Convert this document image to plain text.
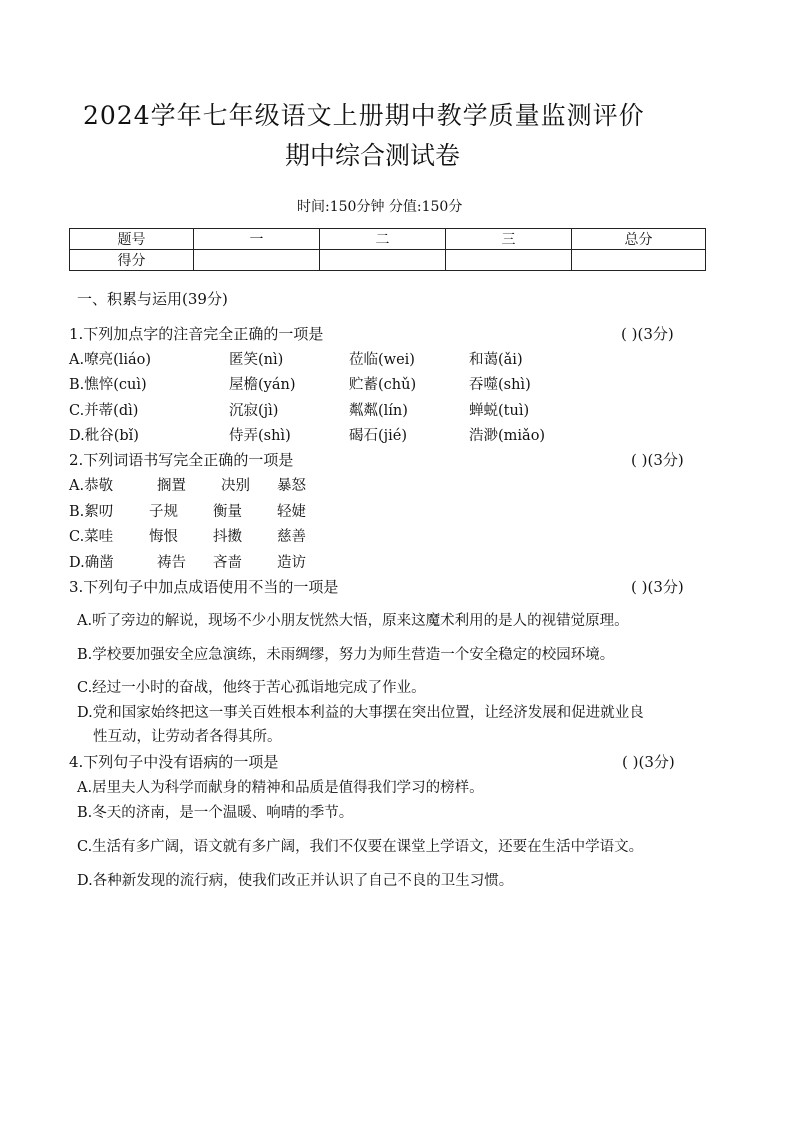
2024学年七年级语文上册期中教学质量监测评价
期中综合测试卷
时间:150分钟 分值:150分
题号	一	二	三	总分
得分				
一、积累与运用(39分)
1.下列加点字的注音完全正确的一项是	( )(3分)
A.嘹亮(liáo)	匿笑(nì)	莅临(wei)	和蔼(ǎi)
B.憔悴(cuì)	屋檐(yán)	贮蓄(chǔ)	吞噬(shì)
C.并蒂(dì)	沉寂(jì)	粼粼(lín)	蝉蜕(tuì)
D.秕谷(bǐ)	侍弄(shì)	碣石(jié)	浩渺(miǎo)
2.下列词语书写完全正确的一项是	( )(3分)
A.恭敬	搁置 决别 暴怒
B.絮叨 子规 衡量 轻婕
C.菜哇 悔恨 抖擞 慈善
D.确凿	祷告 吝啬 造访
3.下列句子中加点成语使用不当的一项是	( )(3分)
A.听了旁边的解说，现场不少小朋友恍然大悟，原来这魔术利用的是人的视错觉原理。
B.学校要加强安全应急演练，未雨绸缪，努力为师生营造一个安全稳定的校园环境。
C.经过一小时的奋战，他终于苦心孤诣地完成了作业。
D.党和国家始终把这一事关百姓根本利益的大事摆在突出位置，让经济发展和促进就业良
性互动，让劳动者各得其所。
4.下列句子中没有语病的一项是	( )(3分)
A.居里夫人为科学而献身的精神和品质是值得我们学习的榜样。
B.冬天的济南，是一个温暖、响晴的季节。
C.生活有多广阔，语文就有多广阔，我们不仅要在课堂上学语文，还要在生活中学语文。
D.各种新发现的流行病，使我们改正并认识了自己不良的卫生习惯。
